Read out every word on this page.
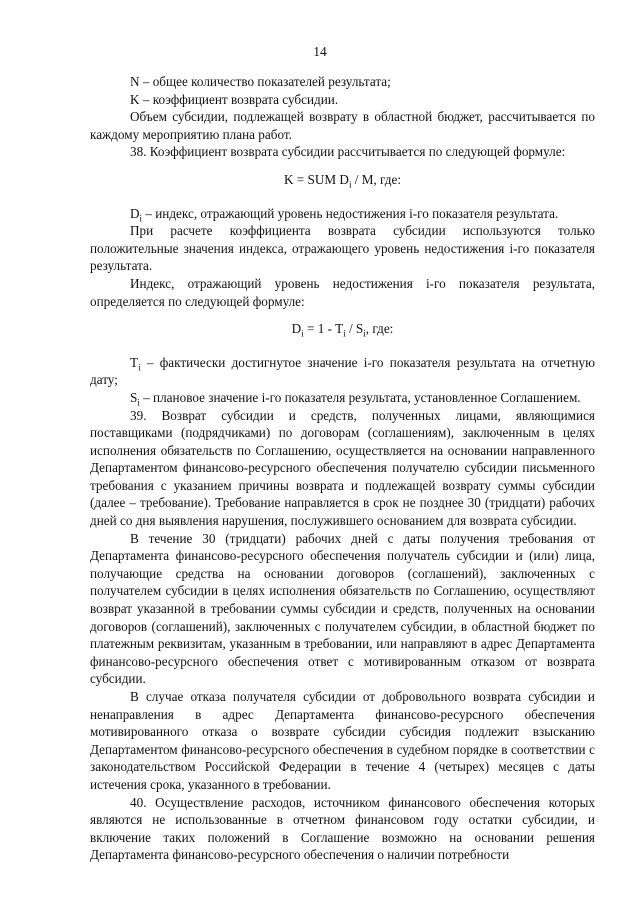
14

N – общее количество показателей результата;

K – коэффициент возврата субсидии.

Объем субсидии, подлежащей возврату в областной бюджет, рассчитывается по каждому мероприятию плана работ.

38. Коэффициент возврата субсидии рассчитывается по следующей формуле:

K = SUM $D_i$ / M, где:

$D_i$ – индекс, отражающий уровень недостижения i-го показателя результата.

При расчете коэффициента возврата субсидии используются только положительные значения индекса, отражающего уровень недостижения i-го показателя результата.

Индекс, отражающий уровень недостижения i-го показателя результата, определяется по следующей формуле:

$D_i = 1 - T_i / S_i$, где:

$T_i$ – фактически достигнутое значение i-го показателя результата на отчетную дату;

$S_i$ – плановое значение i-го показателя результата, установленное Соглашением.

39. Возврат субсидии и средств, полученных лицами, являющимися поставщиками (подрядчиками) по договорам (соглашениям), заключенным в целях исполнения обязательств по Соглашению, осуществляется на основании направленного Департаментом финансово-ресурсного обеспечения получателю субсидии письменного требования с указанием причины возврата и подлежащей возврату суммы субсидии (далее – требование). Требование направляется в срок не позднее 30 (тридцати) рабочих дней со дня выявления нарушения, послужившего основанием для возврата субсидии.

В течение 30 (тридцати) рабочих дней с даты получения требования от Департамента финансово-ресурсного обеспечения получатель субсидии и (или) лица, получающие средства на основании договоров (соглашений), заключенных с получателем субсидии в целях исполнения обязательств по Соглашению, осуществляют возврат указанной в требовании суммы субсидии и средств, полученных на основании договоров (соглашений), заключенных с получателем субсидии, в областной бюджет по платежным реквизитам, указанным в требовании, или направляют в адрес Департамента финансово-ресурсного обеспечения ответ с мотивированным отказом от возврата субсидии.

В случае отказа получателя субсидии от добровольного возврата субсидии и ненаправления в адрес Департамента финансово-ресурсного обеспечения мотивированного отказа о возврате субсидии субсидия подлежит взысканию Департаментом финансово-ресурсного обеспечения в судебном порядке в соответствии с законодательством Российской Федерации в течение 4 (четырех) месяцев с даты истечения срока, указанного в требовании.

40. Осуществление расходов, источником финансового обеспечения которых являются не использованные в отчетном финансовом году остатки субсидии, и включение таких положений в Соглашение возможно на основании решения Департамента финансово-ресурсного обеспечения о наличии потребности
